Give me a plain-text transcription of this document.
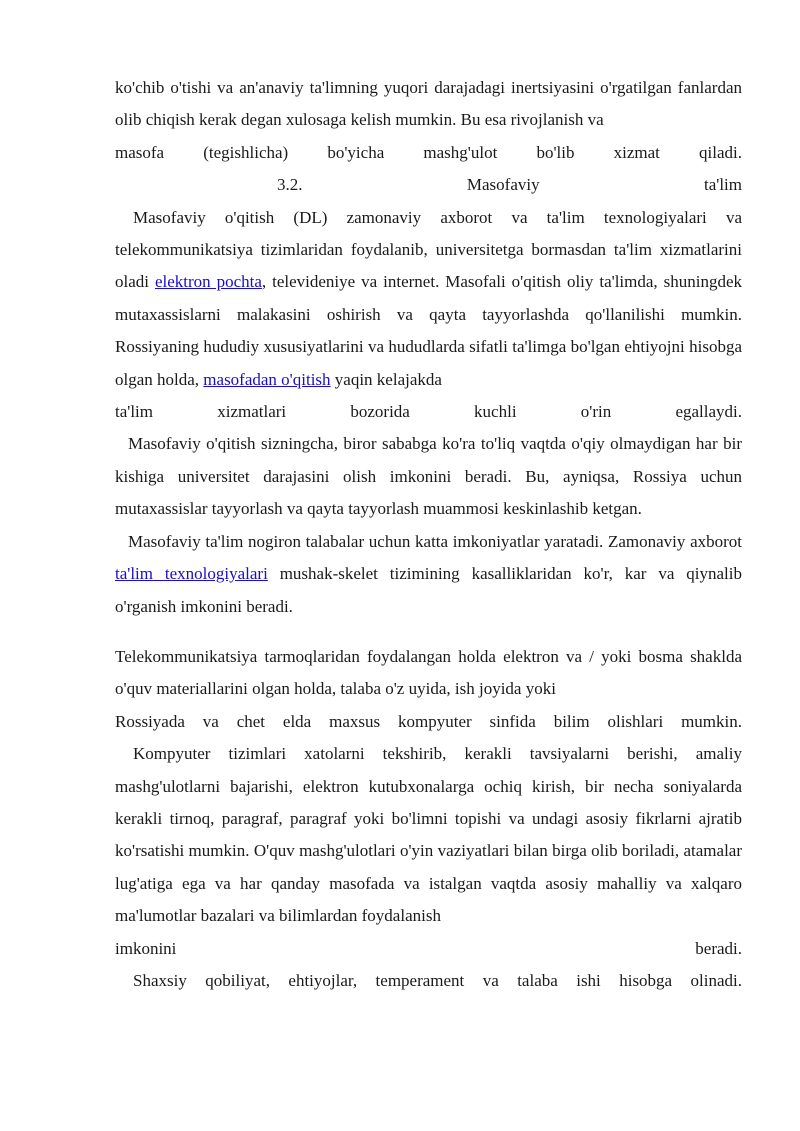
ko'chib o'tishi va an'anaviy ta'limning yuqori darajadagi inertsiyasini o'rgatilgan fanlardan olib chiqish kerak degan xulosaga kelish mumkin. Bu esa rivojlanish va
masofa (tegishlicha) bo'yicha mashg'ulot bo'lib xizmat qiladi.

3.2. Masofaviy ta'lim

Masofaviy o'qitish (DL) zamonaviy axborot va ta'lim texnologiyalari va telekommunikatsiya tizimlaridan foydalanib, universitetga bormasdan ta'lim xizmatlarini oladi elektron pochta, televideniye va internet. Masofali o'qitish oliy ta'limda, shuningdek mutaxassislarni malakasini oshirish va qayta tayyorlashda qo'llanilishi mumkin. Rossiyaning hududiy xususiyatlarini va hududlarda sifatli ta'limga bo'lgan ehtiyojni hisobga olgan holda, masofadan o'qitish yaqin kelajakda
ta'lim xizmatlari bozorida kuchli o'rin egallaydi.

Masofaviy o'qitish sizningcha, biror sababga ko'ra to'liq vaqtda o'qiy olmaydigan har bir kishiga universitet darajasini olish imkonini beradi. Bu, ayniqsa, Rossiya uchun mutaxassislar tayyorlash va qayta tayyorlash muammosi keskinlashib ketgan.

Masofaviy ta'lim nogiron talabalar uchun katta imkoniyatlar yaratadi. Zamonaviy axborot ta'lim texnologiyalari mushak-skelet tizimining kasalliklaridan ko'r, kar va qiynalib o'rganish imkonini beradi.

Telekommunikatsiya tarmoqlaridan foydalangan holda elektron va / yoki bosma shaklda o'quv materiallarini olgan holda, talaba o'z uyida, ish joyida yoki
Rossiyada va chet elda maxsus kompyuter sinfida bilim olishlari mumkin.

Kompyuter tizimlari xatolarni tekshirib, kerakli tavsiyalarni berishi, amaliy mashg'ulotlarni bajarishi, elektron kutubxonalarga ochiq kirish, bir necha soniyalarda kerakli tirnoq, paragraf, paragraf yoki bo'limni topishi va undagi asosiy fikrlarni ajratib ko'rsatishi mumkin. O'quv mashg'ulotlari o'yin vaziyatlari bilan birga olib boriladi, atamalar lug'atiga ega va har qanday masofada va istalgan vaqtda asosiy mahalliy va xalqaro ma'lumotlar bazalari va bilimlardan foydalanish
imkonini beradi.

Shaxsiy qobiliyat, ehtiyojlar, temperament va talaba ishi hisobga olinadi.
